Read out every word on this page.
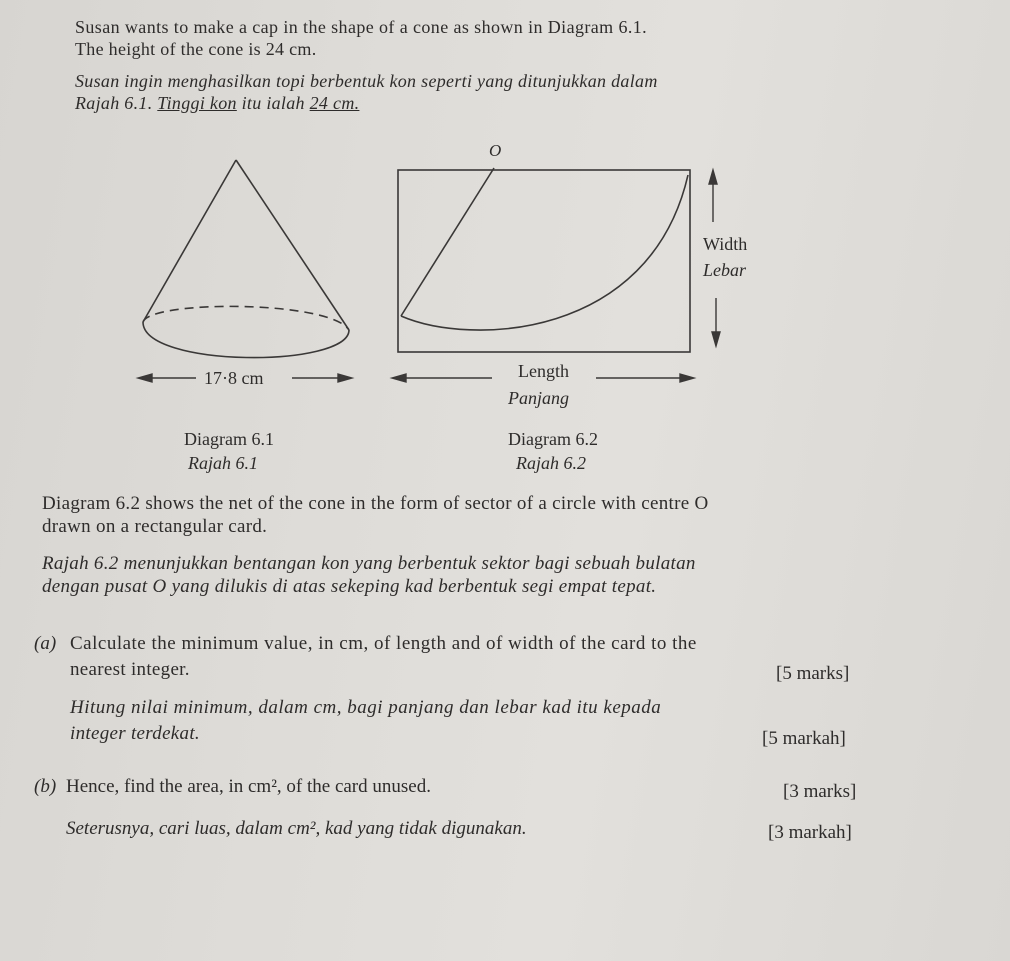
Susan wants to make a cap in the shape of a cone as shown in Diagram 6.1.
The height of the cone is 24 cm.
Susan ingin menghasilkan topi berbentuk kon seperti yang ditunjukkan dalam
Rajah 6.1. Tinggi kon itu ialah 24 cm.
O
Width
Lebar
17·8 cm	Length
Panjang
Diagram 6.1
Rajah 6.1
Diagram 6.2
Rajah 6.2
Diagram 6.2 shows the net of the cone in the form of sector of a circle with centre O
drawn on a rectangular card.
Rajah 6.2 menunjukkan bentangan kon yang berbentuk sektor bagi sebuah bulatan
dengan pusat O yang dilukis di atas sekeping kad berbentuk segi empat tepat.
(a) Calculate the minimum value, in cm, of length and of width of the card to the
nearest integer.	[5 marks]
Hitung nilai minimum, dalam cm, bagi panjang dan lebar kad itu kepada
integer terdekat.	[5 markah]
(b) Hence, find the area, in cm², of the card unused.	[3 marks]
Seterusnya, cari luas, dalam cm², kad yang tidak digunakan.	[3 markah]
